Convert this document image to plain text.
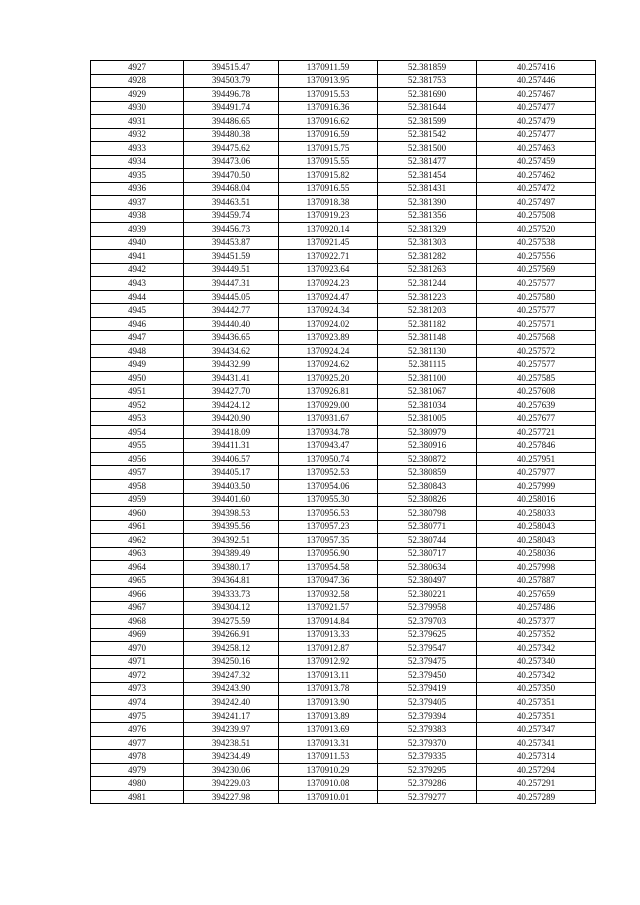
4927	394515.47	1370911.59	52.381859	40.257416
4928	394503.79	1370913.95	52.381753	40.257446
4929	394496.78	1370915.53	52.381690	40.257467
4930	394491.74	1370916.36	52.381644	40.257477
4931	394486.65	1370916.62	52.381599	40.257479
4932	394480.38	1370916.59	52.381542	40.257477
4933	394475.62	1370915.75	52.381500	40.257463
4934	394473.06	1370915.55	52.381477	40.257459
4935	394470.50	1370915.82	52.381454	40.257462
4936	394468.04	1370916.55	52.381431	40.257472
4937	394463.51	1370918.38	52.381390	40.257497
4938	394459.74	1370919.23	52.381356	40.257508
4939	394456.73	1370920.14	52.381329	40.257520
4940	394453.87	1370921.45	52.381303	40.257538
4941	394451.59	1370922.71	52.381282	40.257556
4942	394449.51	1370923.64	52.381263	40.257569
4943	394447.31	1370924.23	52.381244	40.257577
4944	394445.05	1370924.47	52.381223	40.257580
4945	394442.77	1370924.34	52.381203	40.257577
4946	394440.40	1370924.02	52.381182	40.257571
4947	394436.65	1370923.89	52.381148	40.257568
4948	394434.62	1370924.24	52.381130	40.257572
4949	394432.99	1370924.62	52.381115	40.257577
4950	394431.41	1370925.20	52.381100	40.257585
4951	394427.70	1370926.81	52.381067	40.257608
4952	394424.12	1370929.00	52.381034	40.257639
4953	394420.90	1370931.67	52.381005	40.257677
4954	394418.09	1370934.78	52.380979	40.257721
4955	394411.31	1370943.47	52.380916	40.257846
4956	394406.57	1370950.74	52.380872	40.257951
4957	394405.17	1370952.53	52.380859	40.257977
4958	394403.50	1370954.06	52.380843	40.257999
4959	394401.60	1370955.30	52.380826	40.258016
4960	394398.53	1370956.53	52.380798	40.258033
4961	394395.56	1370957.23	52.380771	40.258043
4962	394392.51	1370957.35	52.380744	40.258043
4963	394389.49	1370956.90	52.380717	40.258036
4964	394380.17	1370954.58	52.380634	40.257998
4965	394364.81	1370947.36	52.380497	40.257887
4966	394333.73	1370932.58	52.380221	40.257659
4967	394304.12	1370921.57	52.379958	40.257486
4968	394275.59	1370914.84	52.379703	40.257377
4969	394266.91	1370913.33	52.379625	40.257352
4970	394258.12	1370912.87	52.379547	40.257342
4971	394250.16	1370912.92	52.379475	40.257340
4972	394247.32	1370913.11	52.379450	40.257342
4973	394243.90	1370913.78	52.379419	40.257350
4974	394242.40	1370913.90	52.379405	40.257351
4975	394241.17	1370913.89	52.379394	40.257351
4976	394239.97	1370913.69	52.379383	40.257347
4977	394238.51	1370913.31	52.379370	40.257341
4978	394234.49	1370911.53	52.379335	40.257314
4979	394230.06	1370910.29	52.379295	40.257294
4980	394229.03	1370910.08	52.379286	40.257291
4981	394227.98	1370910.01	52.379277	40.257289
